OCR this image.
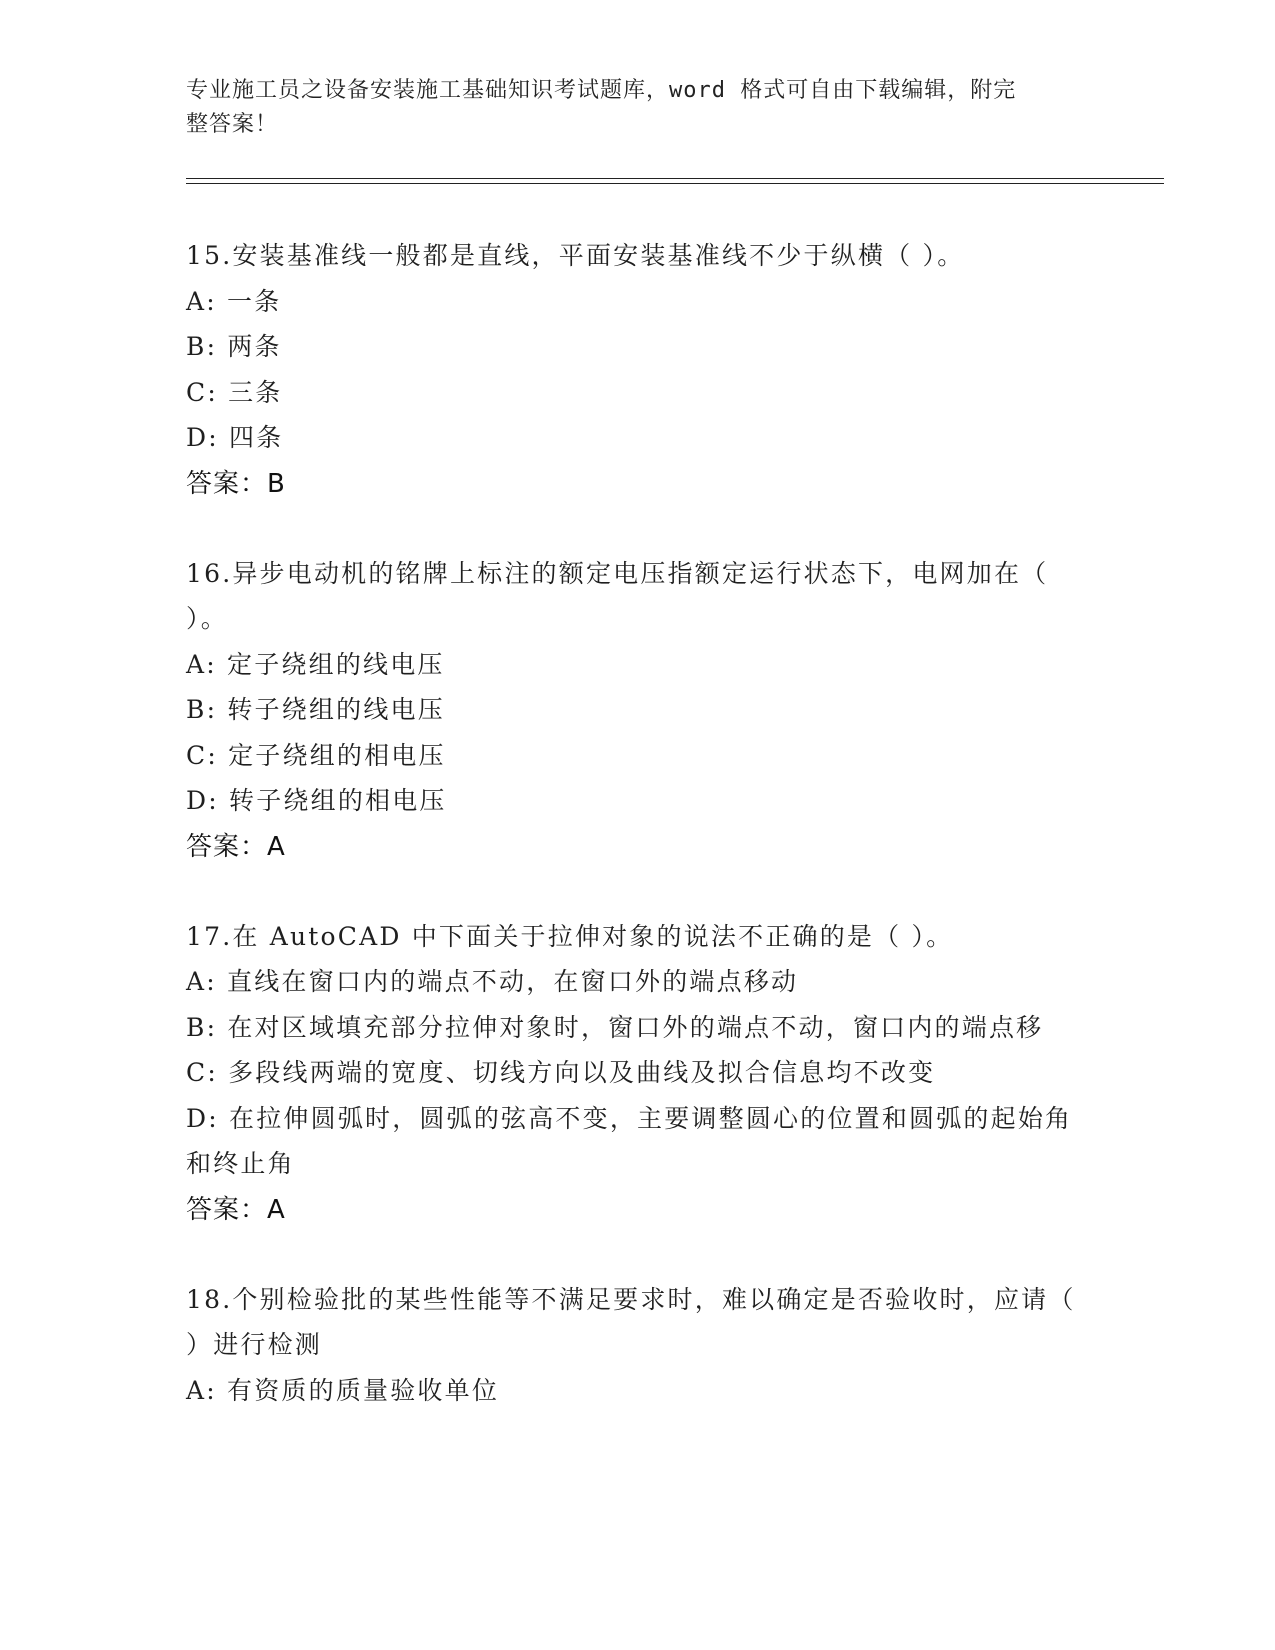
专业施工员之设备安装施工基础知识考试题库，word 格式可自由下载编辑，附完
整答案！
15.安装基准线一般都是直线，平面安装基准线不少于纵横（ ）。
A: 一条
B: 两条
C: 三条
D: 四条
答案：B
16.异步电动机的铭牌上标注的额定电压指额定运行状态下，电网加在（ ）。
A: 定子绕组的线电压
B: 转子绕组的线电压
C: 定子绕组的相电压
D: 转子绕组的相电压
答案：A
17.在 AutoCAD 中下面关于拉伸对象的说法不正确的是（ ）。
A: 直线在窗口内的端点不动，在窗口外的端点移动
B: 在对区域填充部分拉伸对象时，窗口外的端点不动，窗口内的端点移
C: 多段线两端的宽度、切线方向以及曲线及拟合信息均不改变
D: 在拉伸圆弧时，圆弧的弦高不变，主要调整圆心的位置和圆弧的起始角和终止角
答案：A
18.个别检验批的某些性能等不满足要求时，难以确定是否验收时，应请（ ）进行检测
A: 有资质的质量验收单位
